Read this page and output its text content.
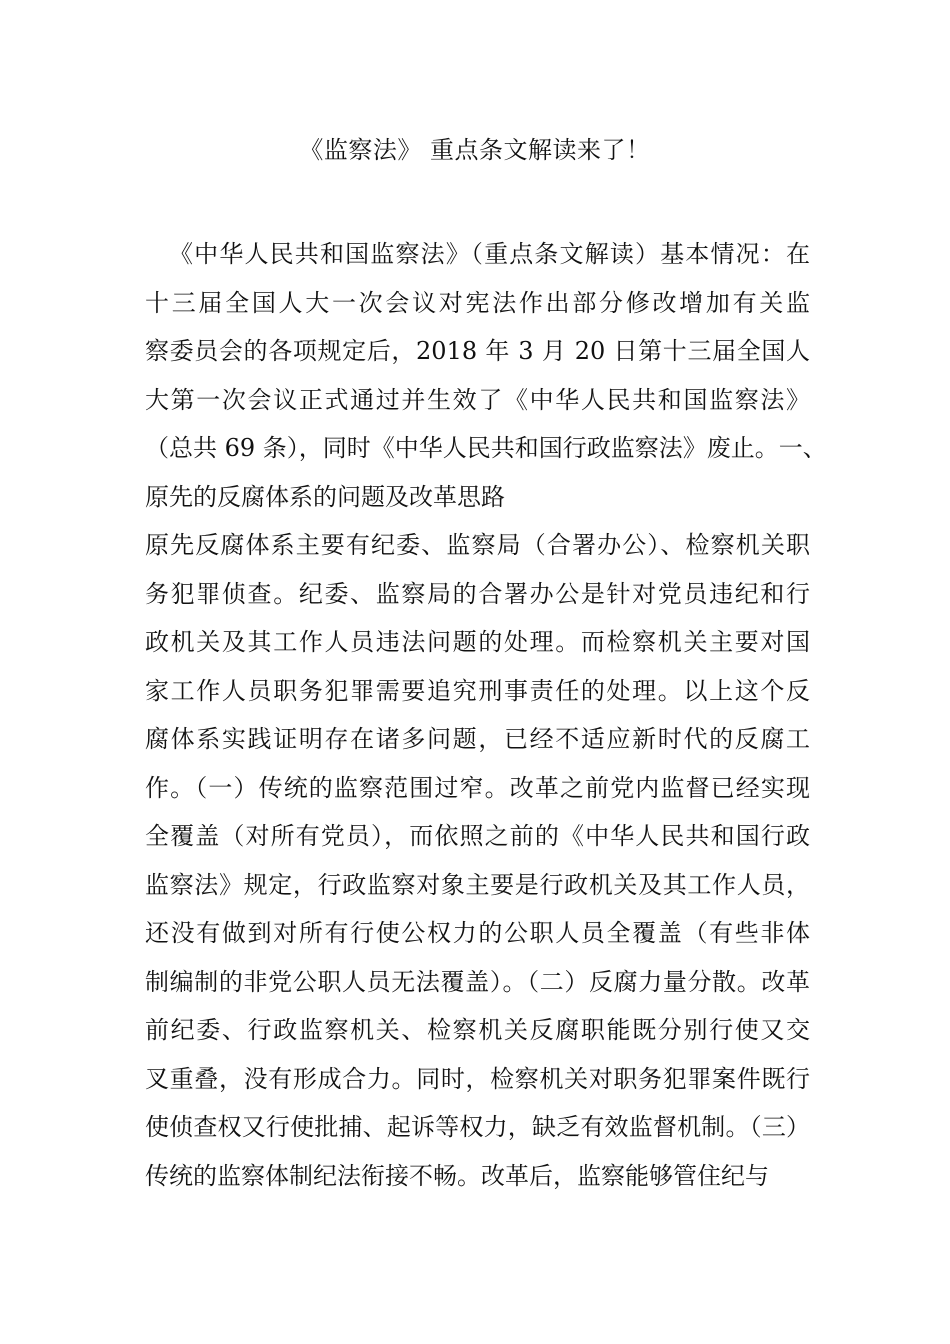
《监察法》 重点条文解读来了！
《中华人民共和国监察法》（重点条文解读）基本情况：在
十三届全国人大一次会议对宪法作出部分修改增加有关监
察委员会的各项规定后，2018 年 3 月 20 日第十三届全国人
大第一次会议正式通过并生效了《中华人民共和国监察法》
（总共 69 条），同时《中华人民共和国行政监察法》废止。一、
原先的反腐体系的问题及改革思路
原先反腐体系主要有纪委、监察局（合署办公）、检察机关职
务犯罪侦查。纪委、监察局的合署办公是针对党员违纪和行
政机关及其工作人员违法问题的处理。而检察机关主要对国
家工作人员职务犯罪需要追究刑事责任的处理。以上这个反
腐体系实践证明存在诸多问题，已经不适应新时代的反腐工
作。（一）传统的监察范围过窄。改革之前党内监督已经实现
全覆盖（对所有党员），而依照之前的《中华人民共和国行政
监察法》规定，行政监察对象主要是行政机关及其工作人员，
还没有做到对所有行使公权力的公职人员全覆盖（有些非体
制编制的非党公职人员无法覆盖）。（二）反腐力量分散。改革
前纪委、行政监察机关、检察机关反腐职能既分别行使又交
叉重叠，没有形成合力。同时，检察机关对职务犯罪案件既行
使侦查权又行使批捕、起诉等权力，缺乏有效监督机制。（三）
传统的监察体制纪法衔接不畅。改革后，监察能够管住纪与
